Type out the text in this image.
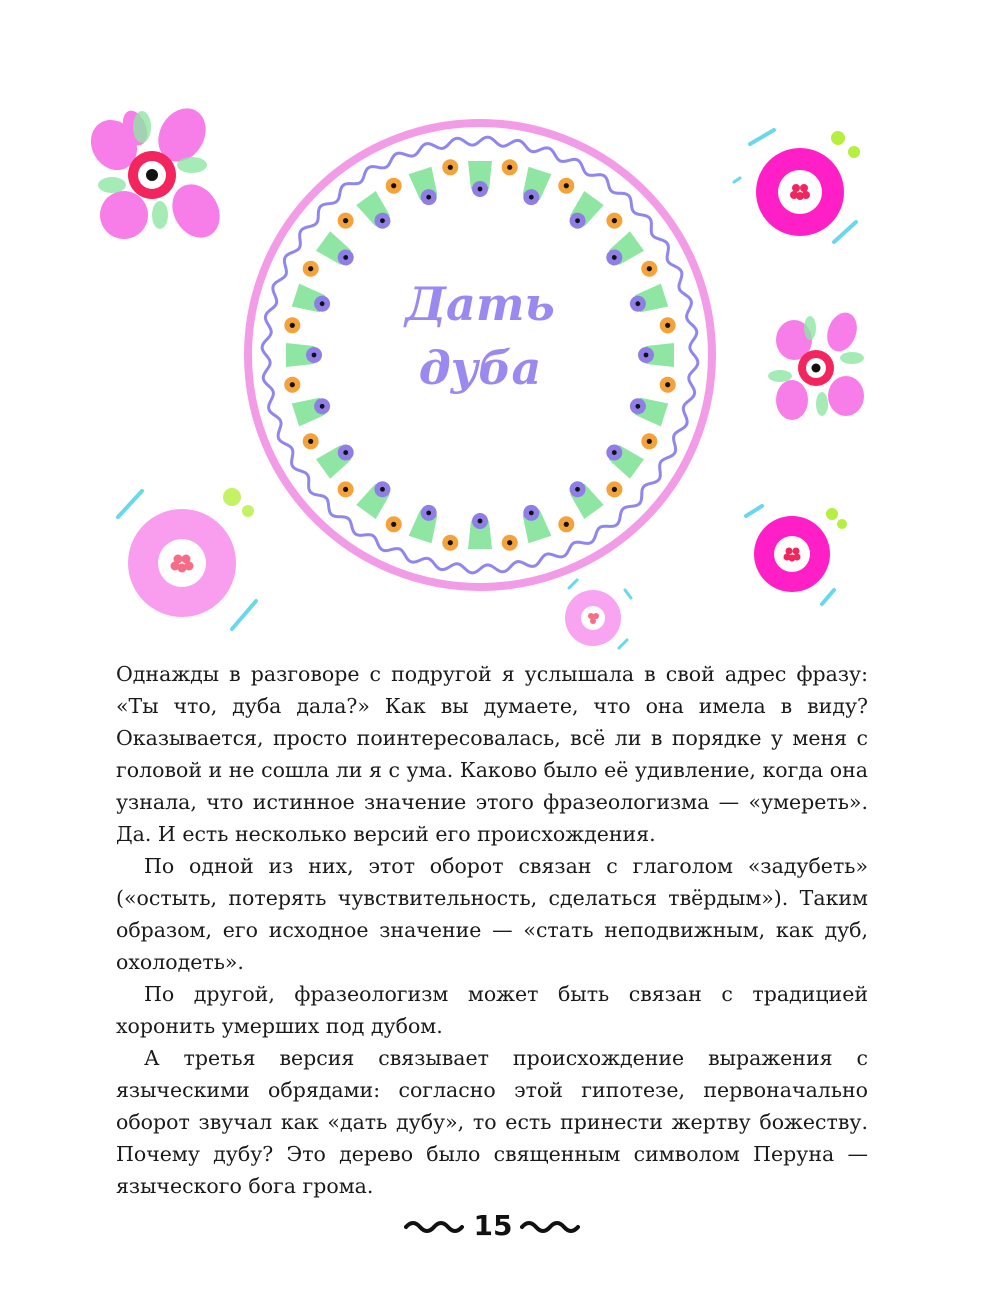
Дать
дуба

Однажды в разговоре с подругой я услышала в свой адрес фразу: «Ты что, дуба дала?» Как вы думаете, что она имела в виду? Оказывается, просто поинтересовалась, всё ли в порядке у меня с головой и не сошла ли я с ума. Каково было её удивление, когда она узнала, что истинное значение этого фразеологизма — «умереть». Да. И есть несколько версий его происхождения.

По одной из них, этот оборот связан с глаголом «задубеть» («остыть, потерять чувствительность, сделаться твёрдым»). Таким образом, его исходное значение — «стать неподвижным, как дуб, охолодеть».

По другой, фразеологизм может быть связан с традицией хоронить умерших под дубом.

А третья версия связывает происхождение выражения с языческими обрядами: согласно этой гипотезе, первоначально оборот звучал как «дать дубу», то есть принести жертву божеству. Почему дубу? Это дерево было священным символом Перуна — языческого бога грома.

15
